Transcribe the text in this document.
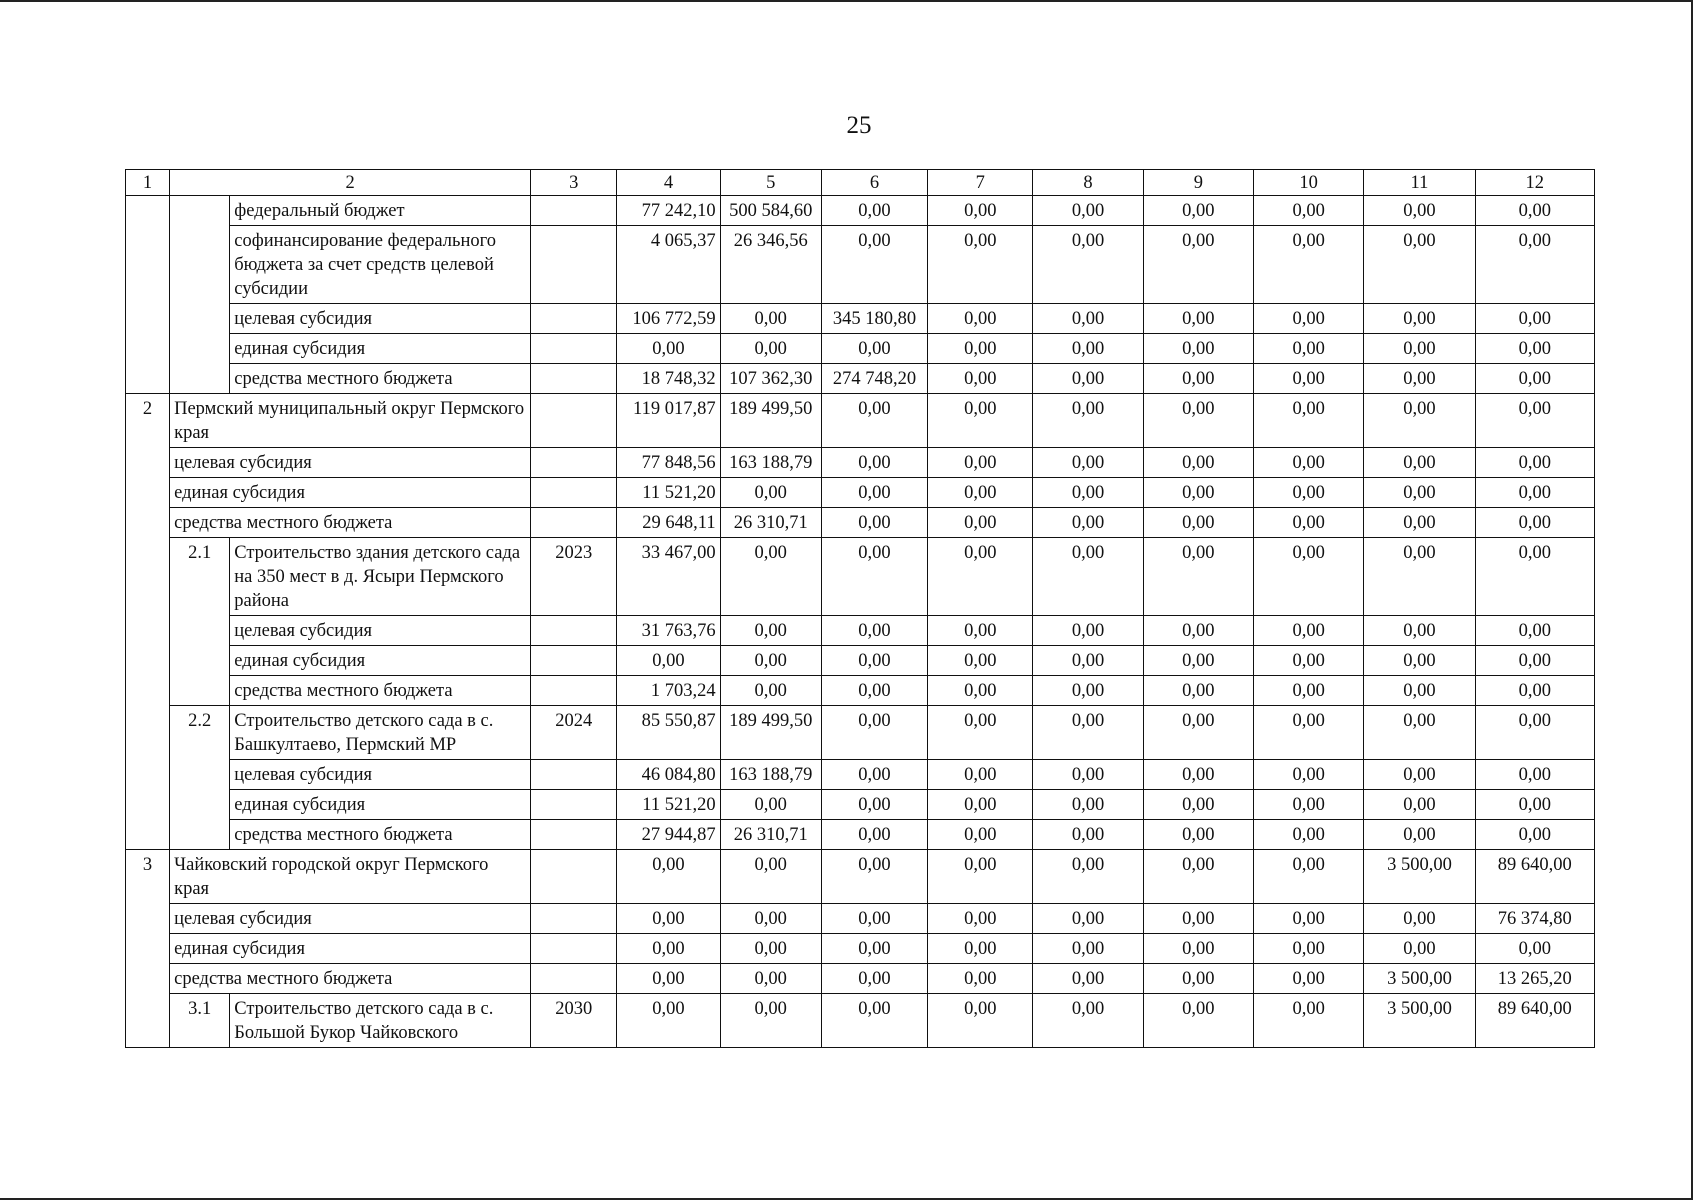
25
1	2		3	4	5	6	7	8	9	10	11	12
		федеральный бюджет		77 242,10	500 584,60	0,00	0,00	0,00	0,00	0,00	0,00	0,00
		софинансирование федерального бюджета за счет средств целевой субсидии		4 065,37	26 346,56	0,00	0,00	0,00	0,00	0,00	0,00	0,00
		целевая субсидия		106 772,59	0,00	345 180,80	0,00	0,00	0,00	0,00	0,00	0,00
		единая субсидия		0,00	0,00	0,00	0,00	0,00	0,00	0,00	0,00	0,00
		средства местного бюджета		18 748,32	107 362,30	274 748,20	0,00	0,00	0,00	0,00	0,00	0,00
2	Пермский муниципальный округ Пермского края			119 017,87	189 499,50	0,00	0,00	0,00	0,00	0,00	0,00	0,00
	целевая субсидия			77 848,56	163 188,79	0,00	0,00	0,00	0,00	0,00	0,00	0,00
	единая субсидия			11 521,20	0,00	0,00	0,00	0,00	0,00	0,00	0,00	0,00
	средства местного бюджета			29 648,11	26 310,71	0,00	0,00	0,00	0,00	0,00	0,00	0,00
	2.1	Строительство здания детского сада на 350 мест в д. Ясыри Пермского района	2023	33 467,00	0,00	0,00	0,00	0,00	0,00	0,00	0,00	0,00
		целевая субсидия		31 763,76	0,00	0,00	0,00	0,00	0,00	0,00	0,00	0,00
		единая субсидия		0,00	0,00	0,00	0,00	0,00	0,00	0,00	0,00	0,00
		средства местного бюджета		1 703,24	0,00	0,00	0,00	0,00	0,00	0,00	0,00	0,00
	2.2	Строительство детского сада в с. Башкултаево, Пермский МР	2024	85 550,87	189 499,50	0,00	0,00	0,00	0,00	0,00	0,00	0,00
		целевая субсидия		46 084,80	163 188,79	0,00	0,00	0,00	0,00	0,00	0,00	0,00
		единая субсидия		11 521,20	0,00	0,00	0,00	0,00	0,00	0,00	0,00	0,00
		средства местного бюджета		27 944,87	26 310,71	0,00	0,00	0,00	0,00	0,00	0,00	0,00
3	Чайковский городской округ Пермского края			0,00	0,00	0,00	0,00	0,00	0,00	0,00	3 500,00	89 640,00
	целевая субсидия			0,00	0,00	0,00	0,00	0,00	0,00	0,00	0,00	76 374,80
	единая субсидия			0,00	0,00	0,00	0,00	0,00	0,00	0,00	0,00	0,00
	средства местного бюджета			0,00	0,00	0,00	0,00	0,00	0,00	0,00	3 500,00	13 265,20
	3.1	Строительство детского сада в с. Большой Букор Чайковского	2030	0,00	0,00	0,00	0,00	0,00	0,00	0,00	3 500,00	89 640,00
